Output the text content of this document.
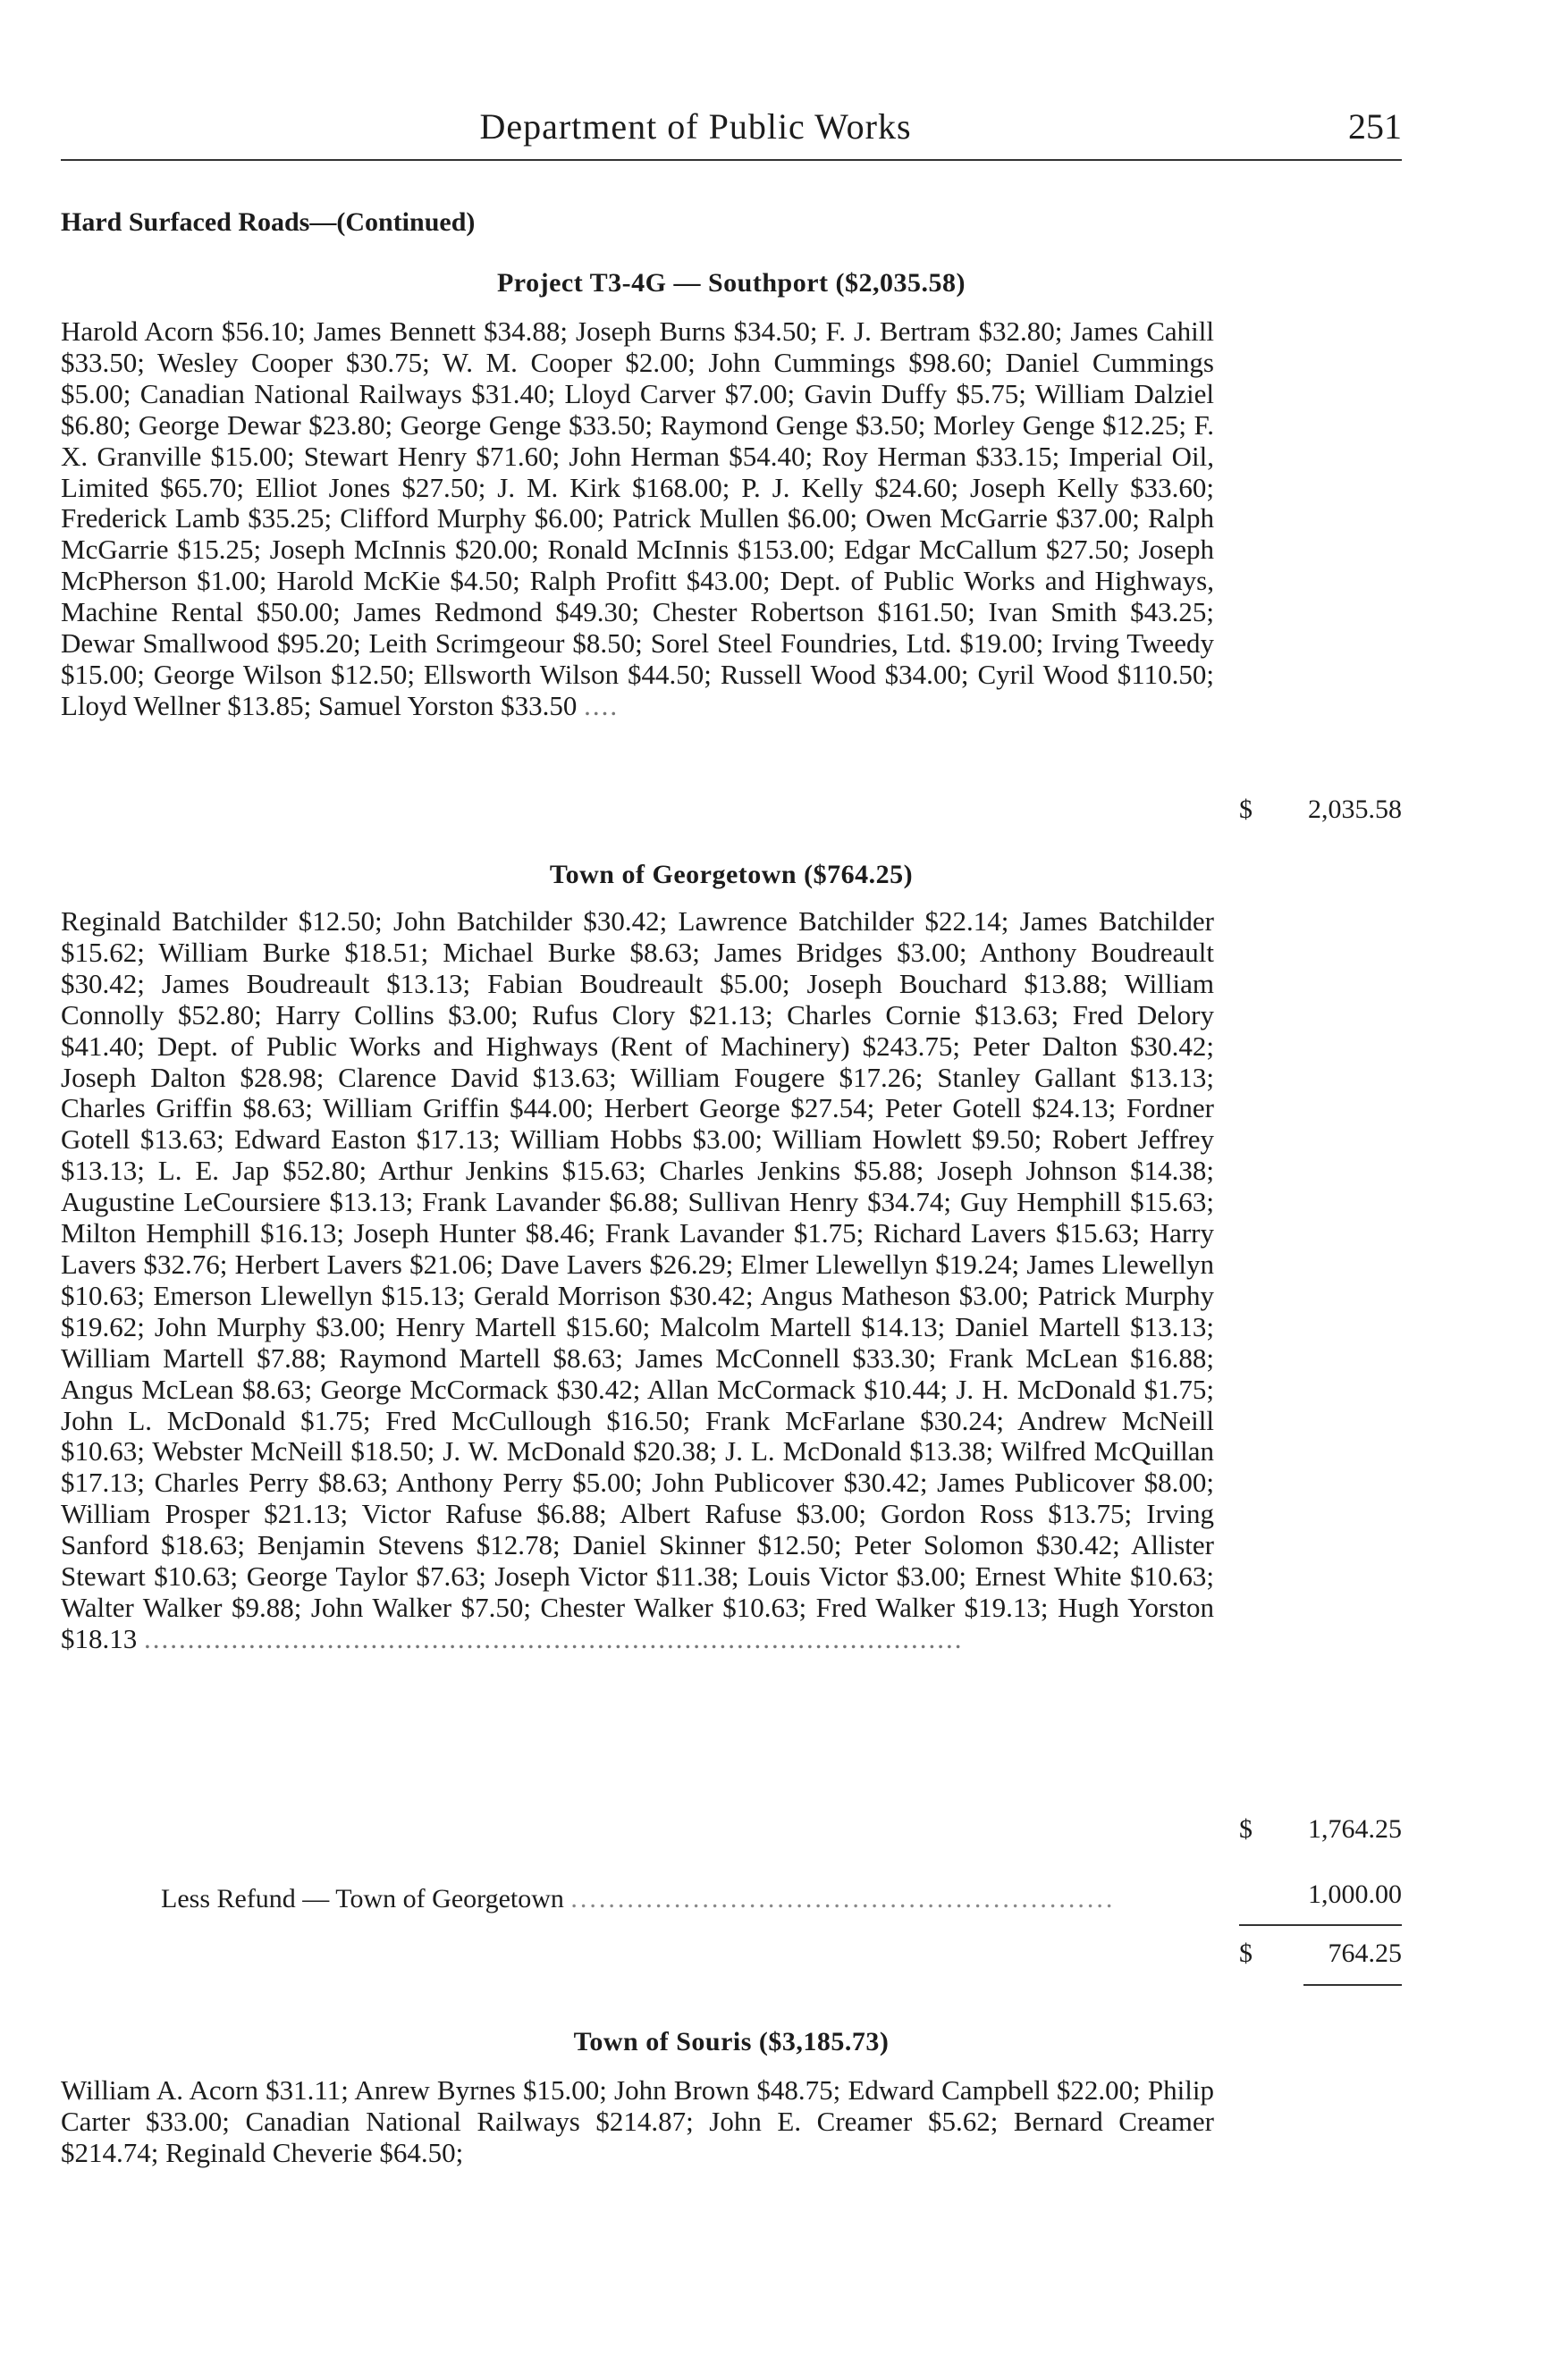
Department of Public Works	251
Hard Surfaced Roads—(Continued)
Project T3-4G — Southport ($2,035.58)
Harold Acorn $56.10; James Bennett $34.88; Joseph Burns $34.50; F. J. Bertram $32.80; James Cahill $33.50; Wesley Cooper $30.75; W. M. Cooper $2.00; John Cummings $98.60; Daniel Cummings $5.00; Canadian National Railways $31.40; Lloyd Carver $7.00; Gavin Duffy $5.75; William Dalziel $6.80; George Dewar $23.80; George Genge $33.50; Raymond Genge $3.50; Morley Genge $12.25; F. X. Granville $15.00; Stewart Henry $71.60; John Herman $54.40; Roy Herman $33.15; Imperial Oil, Limited $65.70; Elliot Jones $27.50; J. M. Kirk $168.00; P. J. Kelly $24.60; Joseph Kelly $33.60; Frederick Lamb $35.25; Clifford Murphy $6.00; Patrick Mullen $6.00; Owen McGarrie $37.00; Ralph McGarrie $15.25; Joseph McInnis $20.00; Ronald McInnis $153.00; Edgar McCallum $27.50; Joseph McPherson $1.00; Harold McKie $4.50; Ralph Profitt $43.00; Dept. of Public Works and Highways, Machine Rental $50.00; James Redmond $49.30; Chester Robertson $161.50; Ivan Smith $43.25; Dewar Smallwood $95.20; Leith Scrimgeour $8.50; Sorel Steel Foundries, Ltd. $19.00; Irving Tweedy $15.00; George Wilson $12.50; Ellsworth Wilson $44.50; Russell Wood $34.00; Cyril Wood $110.50; Lloyd Wellner $13.85; Samuel Yorston $33.50 ....
$ 2,035.58
Town of Georgetown ($764.25)
Reginald Batchilder $12.50; John Batchilder $30.42; Lawrence Batchilder $22.14; James Batchilder $15.62; William Burke $18.51; Michael Burke $8.63; James Bridges $3.00; Anthony Boudreault $30.42; James Boudreault $13.13; Fabian Boudreault $5.00; Joseph Bouchard $13.88; William Connolly $52.80; Harry Collins $3.00; Rufus Clory $21.13; Charles Cornie $13.63; Fred Delory $41.40; Dept. of Public Works and Highways (Rent of Machinery) $243.75; Peter Dalton $30.42; Joseph Dalton $28.98; Clarence David $13.63; William Fougere $17.26; Stanley Gallant $13.13; Charles Griffin $8.63; William Griffin $44.00; Herbert George $27.54; Peter Gotell $24.13; Fordner Gotell $13.63; Edward Easton $17.13; William Hobbs $3.00; William Howlett $9.50; Robert Jeffrey $13.13; L. E. Jap $52.80; Arthur Jenkins $15.63; Charles Jenkins $5.88; Joseph Johnson $14.38; Augustine LeCoursiere $13.13; Frank Lavander $6.88; Sullivan Henry $34.74; Guy Hemphill $15.63; Milton Hemphill $16.13; Joseph Hunter $8.46; Frank Lavander $1.75; Richard Lavers $15.63; Harry Lavers $32.76; Herbert Lavers $21.06; Dave Lavers $26.29; Elmer Llewellyn $19.24; James Llewellyn $10.63; Emerson Llewellyn $15.13; Gerald Morrison $30.42; Angus Matheson $3.00; Patrick Murphy $19.62; John Murphy $3.00; Henry Martell $15.60; Malcolm Martell $14.13; Daniel Martell $13.13; William Martell $7.88; Raymond Martell $8.63; James McConnell $33.30; Frank McLean $16.88; Angus McLean $8.63; George McCormack $30.42; Allan McCormack $10.44; J. H. McDonald $1.75; John L. McDonald $1.75; Fred McCullough $16.50; Frank McFarlane $30.24; Andrew McNeill $10.63; Webster McNeill $18.50; J. W. McDonald $20.38; J. L. McDonald $13.38; Wilfred McQuillan $17.13; Charles Perry $8.63; Anthony Perry $5.00; John Publicover $30.42; James Publicover $8.00; William Prosper $21.13; Victor Rafuse $6.88; Albert Rafuse $3.00; Gordon Ross $13.75; Irving Sanford $18.63; Benjamin Stevens $12.78; Daniel Skinner $12.50; Peter Solomon $30.42; Allister Stewart $10.63; George Taylor $7.63; Joseph Victor $11.38; Louis Victor $3.00; Ernest White $10.63; Walter Walker $9.88; John Walker $7.50; Chester Walker $10.63; Fred Walker $19.13; Hugh Yorston $18.13 ..............................................................................................
$ 1,764.25
Less Refund — Town of Georgetown ..........................................................	1,000.00
$	764.25
Town of Souris ($3,185.73)
William A. Acorn $31.11; Anrew Byrnes $15.00; John Brown $48.75; Edward Campbell $22.00; Philip Carter $33.00; Canadian National Railways $214.87; John E. Creamer $5.62; Bernard Creamer $214.74; Reginald Cheverie $64.50;
